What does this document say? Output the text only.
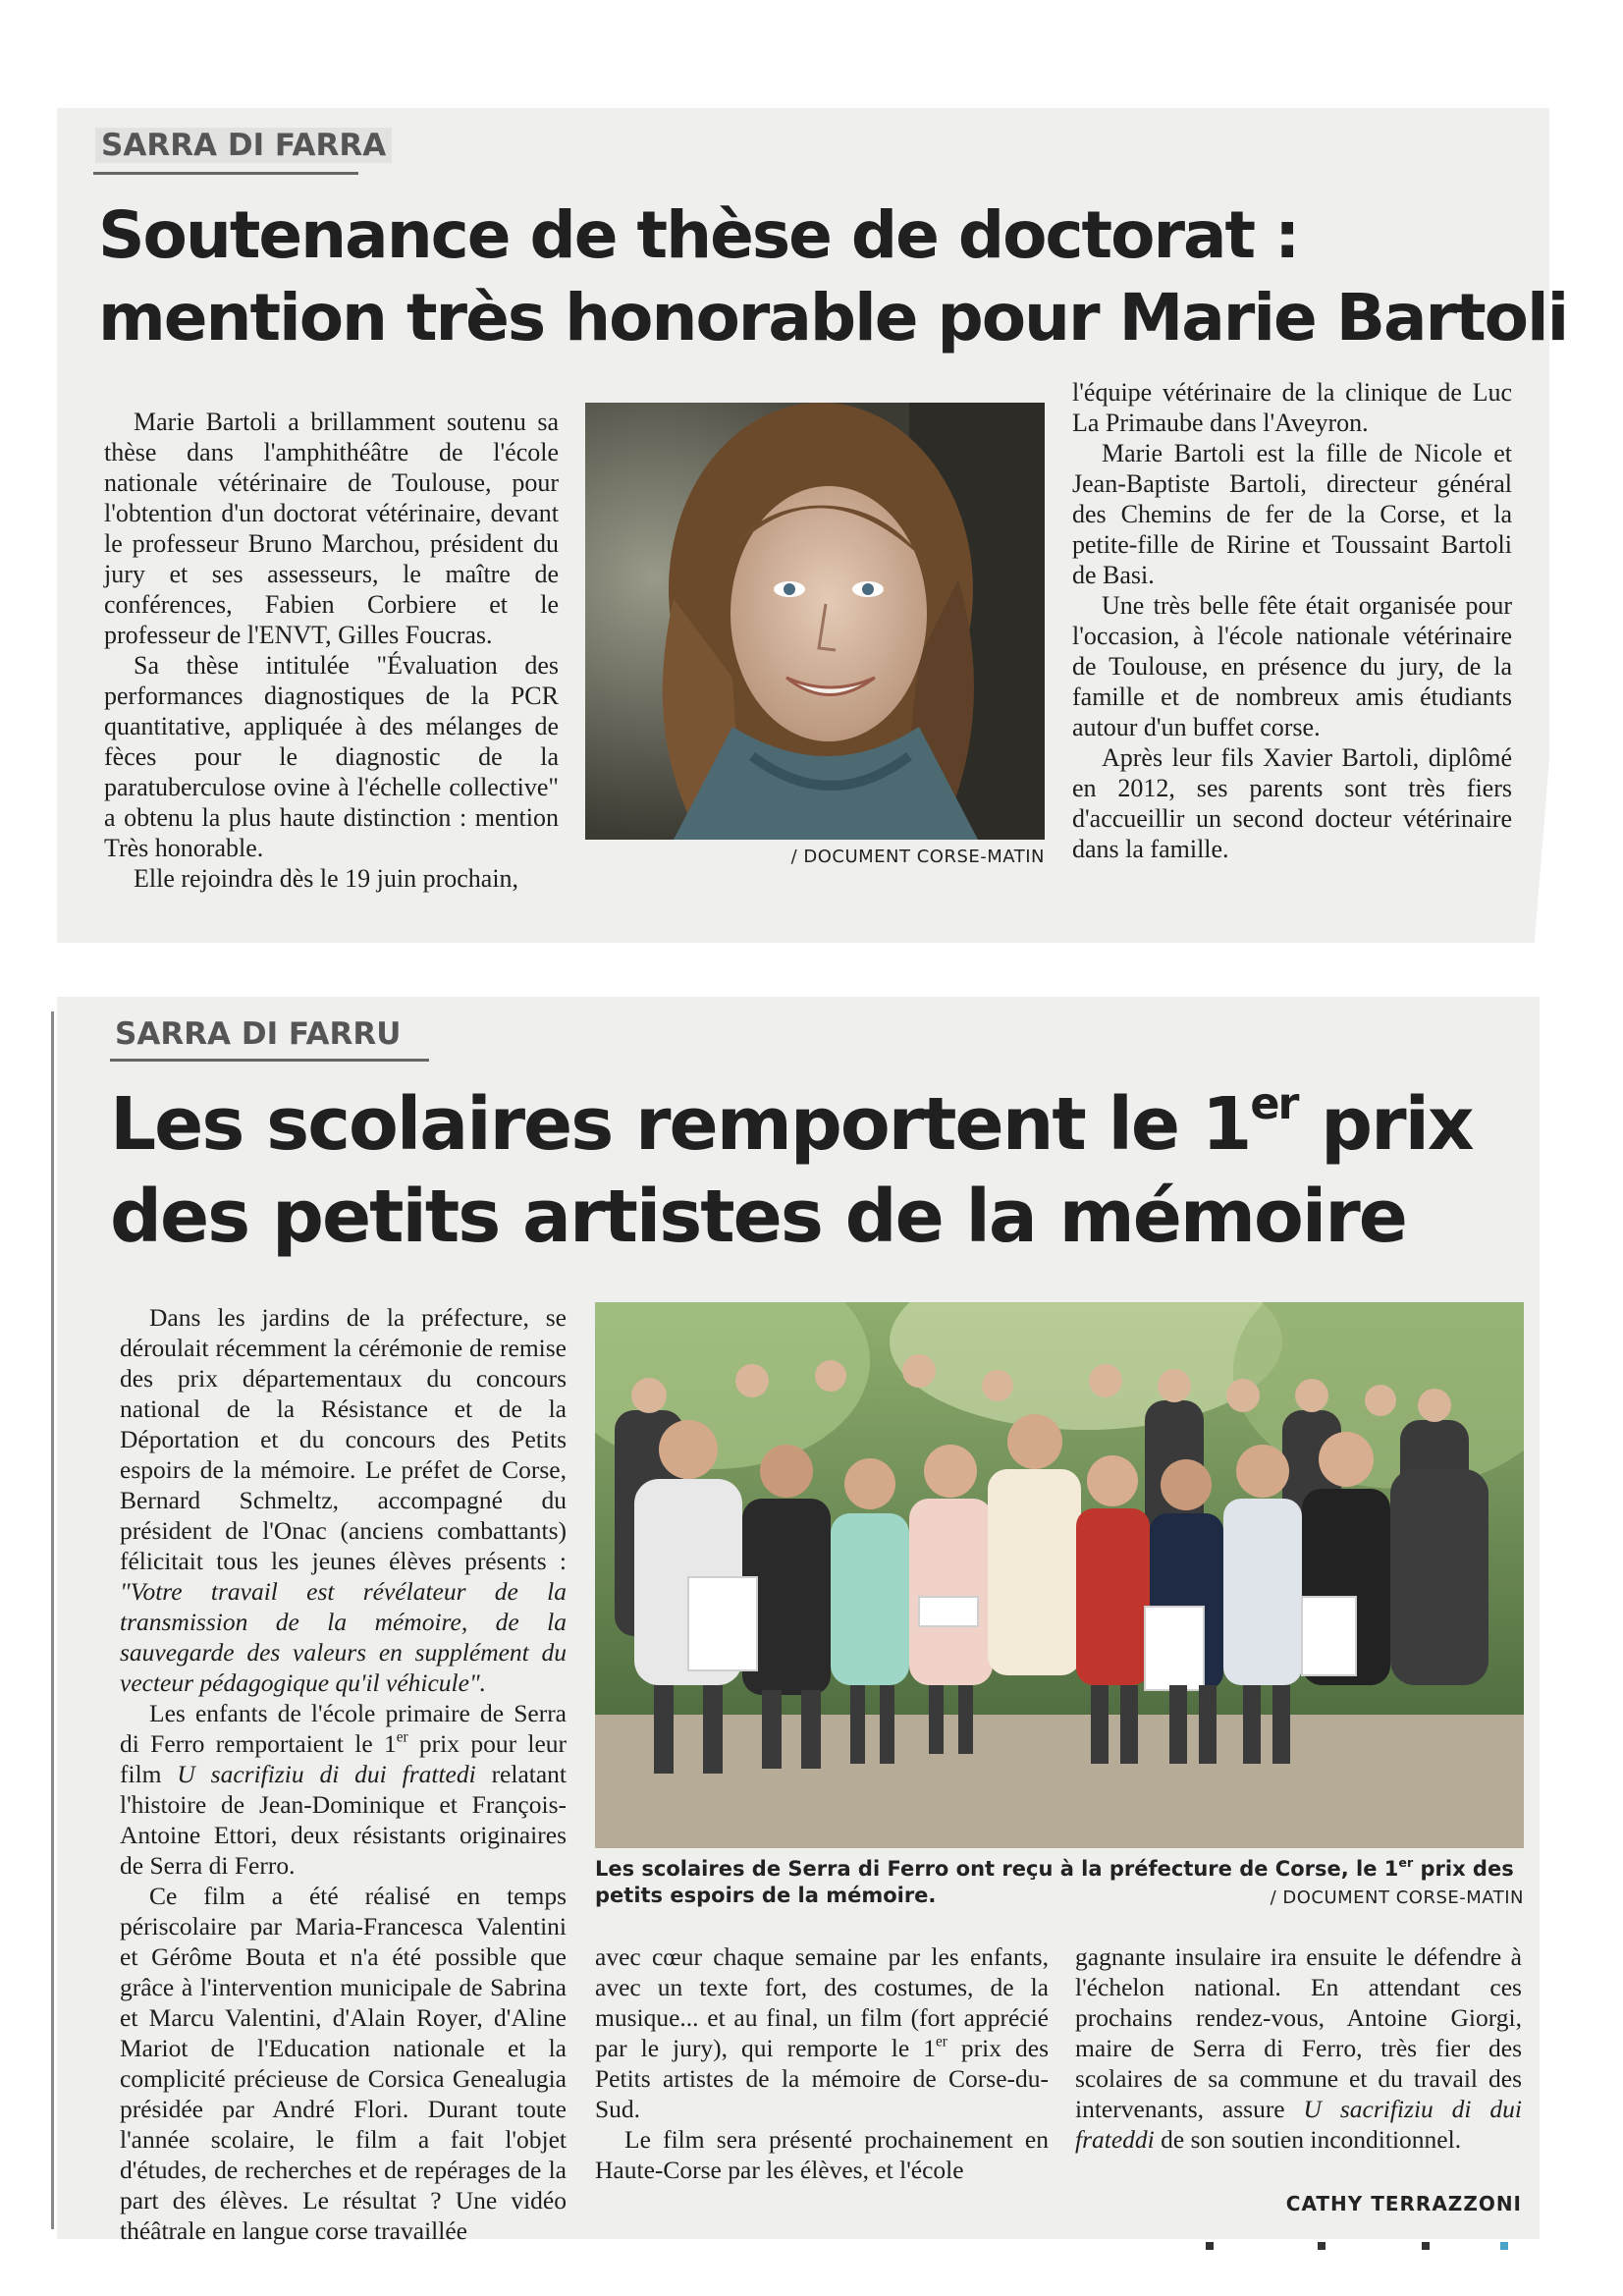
SARRA DI FARRA
Soutenance de thèse de doctorat :
mention très honorable pour Marie Bartoli

Marie Bartoli a brillamment soutenu sa thèse dans l'amphithéâtre de l'école nationale vétérinaire de Toulouse, pour l'obtention d'un doctorat vétérinaire, devant le professeur Bruno Marchou, président du jury et ses assesseurs, le maître de conférences, Fabien Corbiere et le professeur de l'ENVT, Gilles Foucras.

Sa thèse intitulée "Évaluation des performances diagnostiques de la PCR quantitative, appliquée à des mélanges de fèces pour le diagnostic de la paratuberculose ovine à l'échelle collective" a obtenu la plus haute distinction : mention Très honorable.

Elle rejoindra dès le 19 juin prochain,

/ DOCUMENT CORSE-MATIN

l'équipe vétérinaire de la clinique de Luc La Primaube dans l'Aveyron.

Marie Bartoli est la fille de Nicole et Jean-Baptiste Bartoli, directeur général des Chemins de fer de la Corse, et la petite-fille de Ririne et Toussaint Bartoli de Basi.

Une très belle fête était organisée pour l'occasion, à l'école nationale vétérinaire de Toulouse, en présence du jury, de la famille et de nombreux amis étudiants autour d'un buffet corse.

Après leur fils Xavier Bartoli, diplômé en 2012, ses parents sont très fiers d'accueillir un second docteur vétérinaire dans la famille.

SARRA DI FARRU
Les scolaires remportent le 1er prix
des petits artistes de la mémoire

Dans les jardins de la préfecture, se déroulait récemment la cérémonie de remise des prix départementaux du concours national de la Résistance et de la Déportation et du concours des Petits espoirs de la mémoire. Le préfet de Corse, Bernard Schmeltz, accompagné du président de l'Onac (anciens combattants) félicitait tous les jeunes élèves présents : "Votre travail est révélateur de la transmission de la mémoire, de la sauvegarde des valeurs en supplément du vecteur pédagogique qu'il véhicule".

Les enfants de l'école primaire de Serra di Ferro remportaient le 1er prix pour leur film U sacrifiziu di dui frattedi relatant l'histoire de Jean-Dominique et François-Antoine Ettori, deux résistants originaires de Serra di Ferro.

Ce film a été réalisé en temps périscolaire par Maria-Francesca Valentini et Gérôme Bouta et n'a été possible que grâce à l'intervention municipale de Sabrina et Marcu Valentini, d'Alain Royer, d'Aline Mariot de l'Education nationale et la complicité précieuse de Corsica Genealugia présidée par André Flori. Durant toute l'année scolaire, le film a fait l'objet d'études, de recherches et de repérages de la part des élèves. Le résultat ? Une vidéo théâtrale en langue corse travaillée

Les scolaires de Serra di Ferro ont reçu à la préfecture de Corse, le 1er prix des petits espoirs de la mémoire.	/ DOCUMENT CORSE-MATIN

avec cœur chaque semaine par les enfants, avec un texte fort, des costumes, de la musique... et au final, un film (fort apprécié par le jury), qui remporte le 1er prix des Petits artistes de la mémoire de Corse-du-Sud.

Le film sera présenté prochainement en Haute-Corse par les élèves, et l'école

gagnante insulaire ira ensuite le défendre à l'échelon national. En attendant ces prochains rendez-vous, Antoine Giorgi, maire de Serra di Ferro, très fier des scolaires de sa commune et du travail des intervenants, assure U sacrifiziu di dui frateddi de son soutien inconditionnel.

CATHY TERRAZZONI
